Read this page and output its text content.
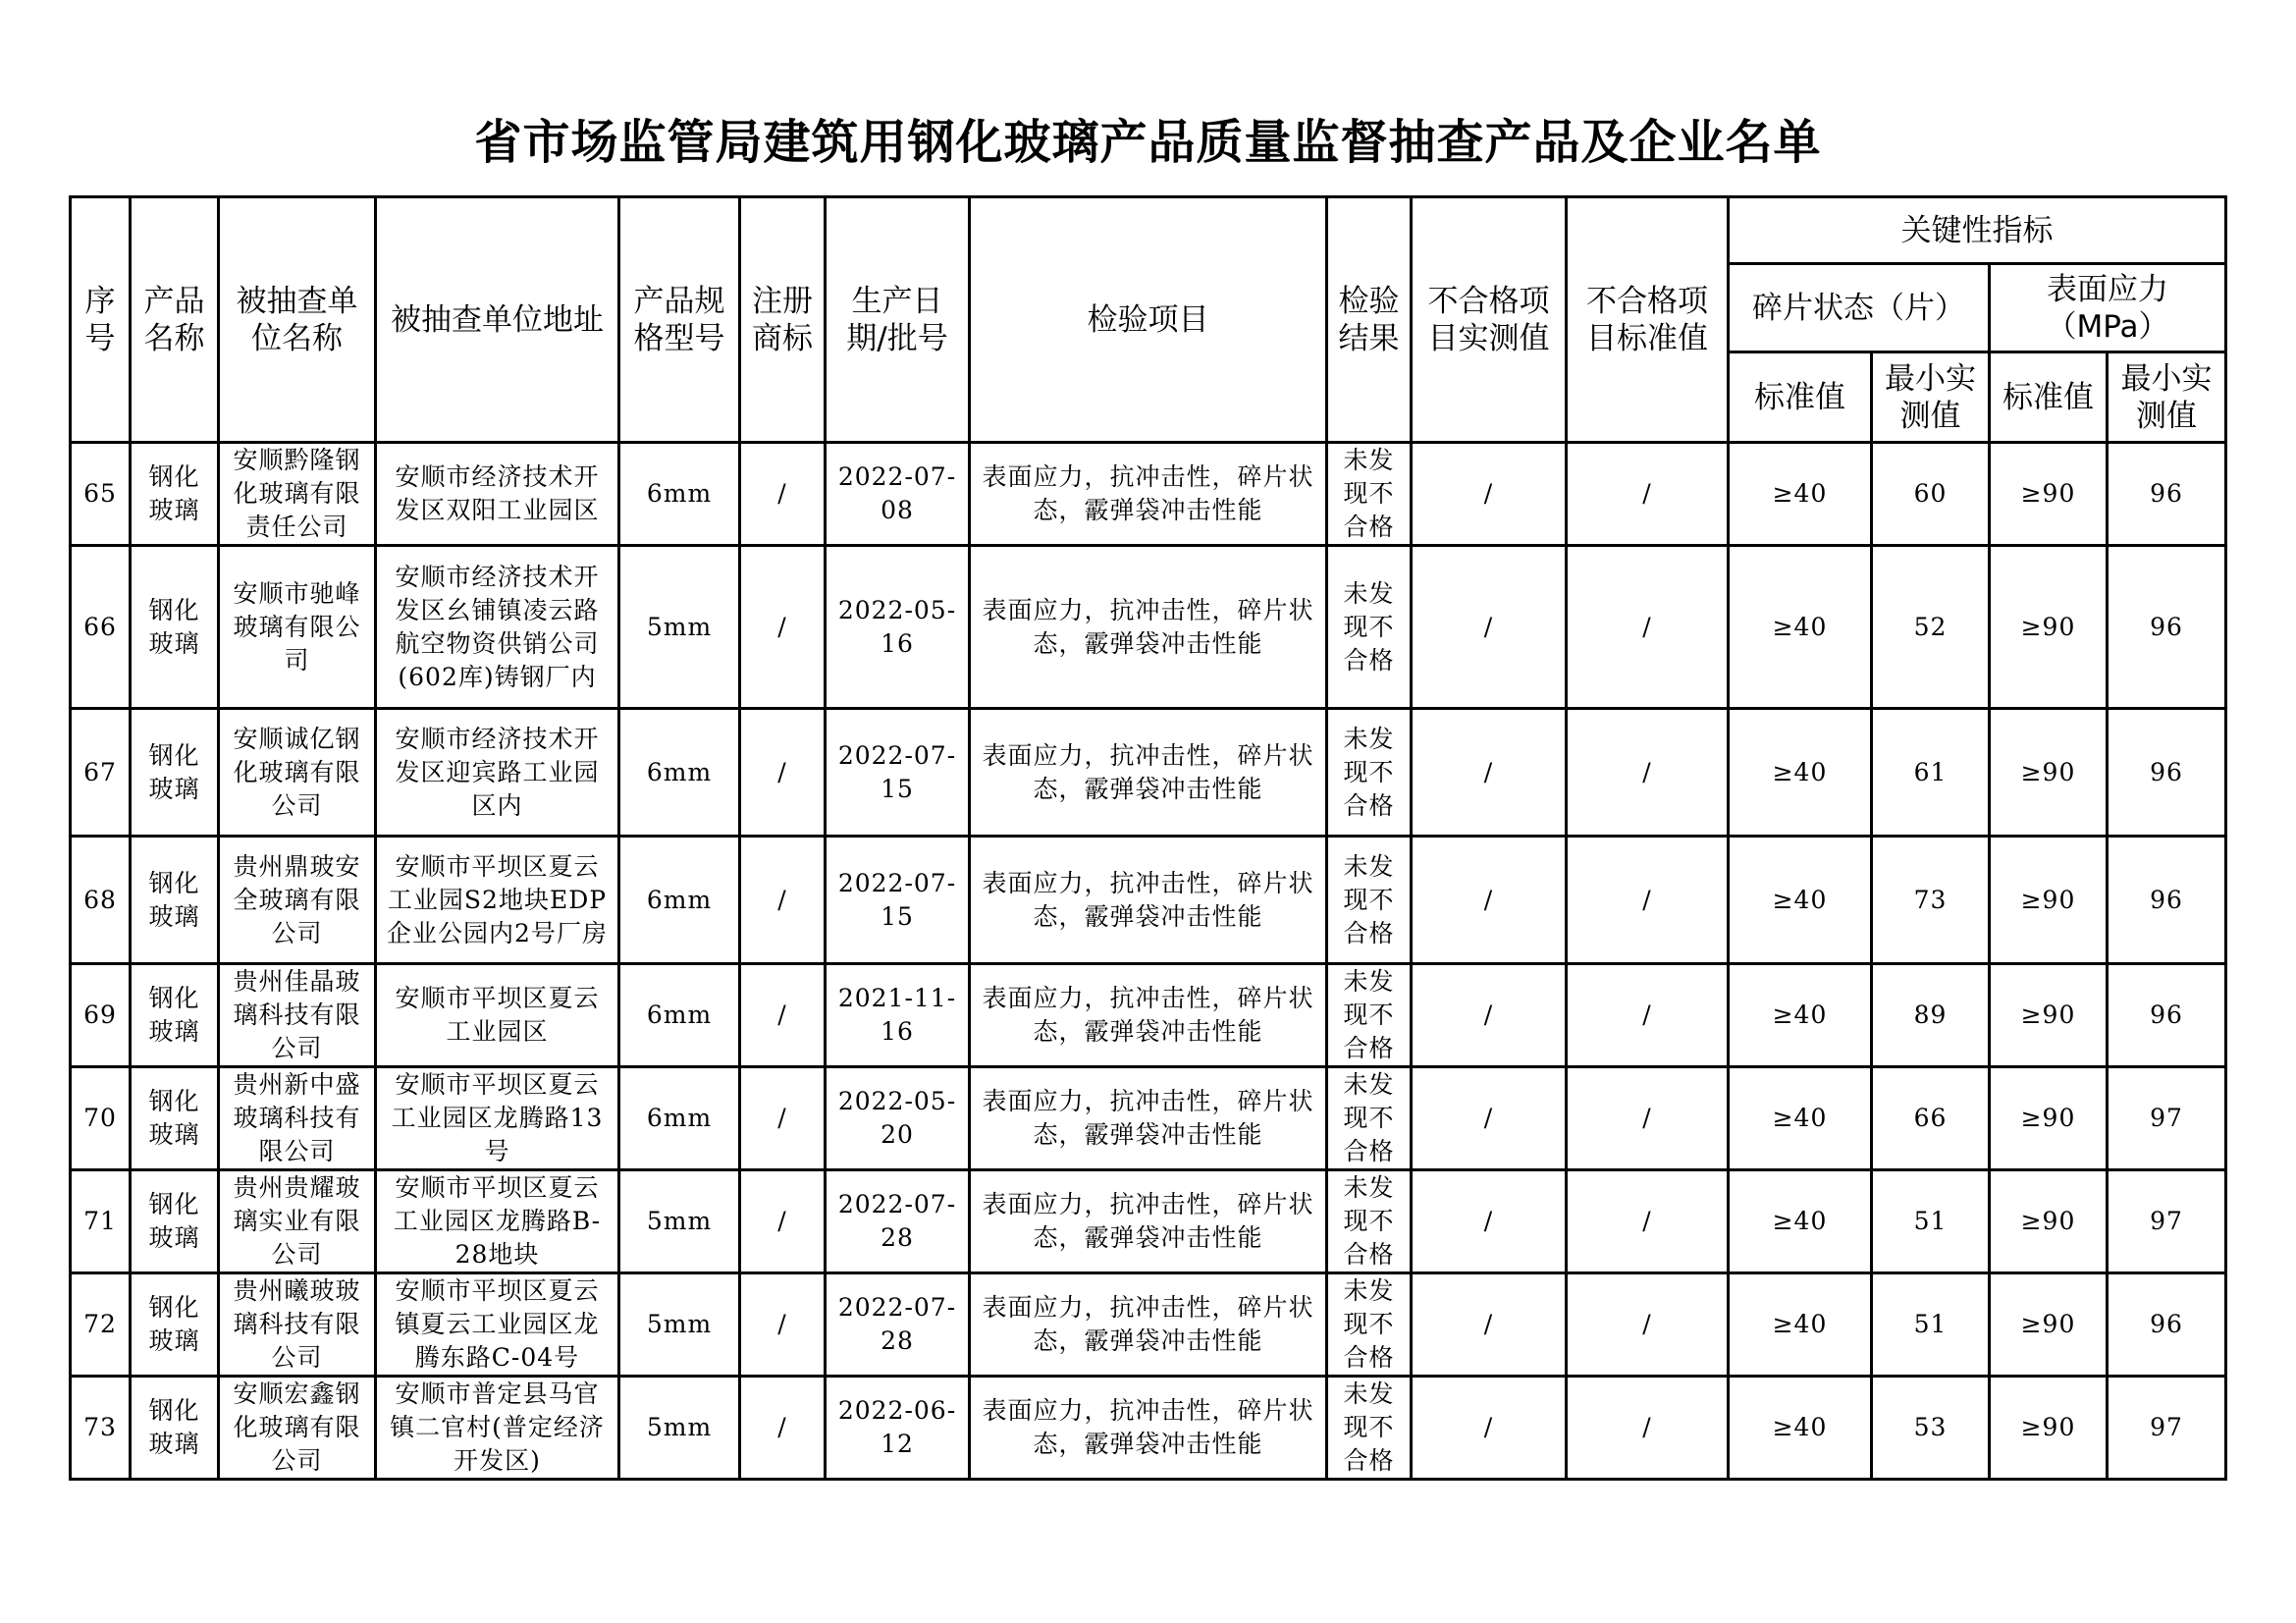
省市场监管局建筑用钢化玻璃产品质量监督抽查产品及企业名单
序号	产品名称	被抽查单位名称	被抽查单位地址	产品规格型号	注册商标	生产日期/批号	检验项目	检验结果	不合格项目实测值	不合格项目标准值	关键性指标			
											碎片状态（片）		表面应力（MPa）	
											标准值	最小实测值	标准值	最小实测值
65	钢化玻璃	安顺黔隆钢化玻璃有限责任公司	安顺市经济技术开发区双阳工业园区	6mm	/	2022-07-08	表面应力，抗冲击性，碎片状态，霰弹袋冲击性能	未发现不合格	/	/	≥40	60	≥90	96
66	钢化玻璃	安顺市驰峰玻璃有限公司	安顺市经济技术开发区幺铺镇凌云路航空物资供销公司(602库)铸钢厂内	5mm	/	2022-05-16	表面应力，抗冲击性，碎片状态，霰弹袋冲击性能	未发现不合格	/	/	≥40	52	≥90	96
67	钢化玻璃	安顺诚亿钢化玻璃有限公司	安顺市经济技术开发区迎宾路工业园区内	6mm	/	2022-07-15	表面应力，抗冲击性，碎片状态，霰弹袋冲击性能	未发现不合格	/	/	≥40	61	≥90	96
68	钢化玻璃	贵州鼎玻安全玻璃有限公司	安顺市平坝区夏云工业园S2地块EDP企业公园内2号厂房	6mm	/	2022-07-15	表面应力，抗冲击性，碎片状态，霰弹袋冲击性能	未发现不合格	/	/	≥40	73	≥90	96
69	钢化玻璃	贵州佳晶玻璃科技有限公司	安顺市平坝区夏云工业园区	6mm	/	2021-11-16	表面应力，抗冲击性，碎片状态，霰弹袋冲击性能	未发现不合格	/	/	≥40	89	≥90	96
70	钢化玻璃	贵州新中盛玻璃科技有限公司	安顺市平坝区夏云工业园区龙腾路13号	6mm	/	2022-05-20	表面应力，抗冲击性，碎片状态，霰弹袋冲击性能	未发现不合格	/	/	≥40	66	≥90	97
71	钢化玻璃	贵州贵耀玻璃实业有限公司	安顺市平坝区夏云工业园区龙腾路B-28地块	5mm	/	2022-07-28	表面应力，抗冲击性，碎片状态，霰弹袋冲击性能	未发现不合格	/	/	≥40	51	≥90	97
72	钢化玻璃	贵州曦玻玻璃科技有限公司	安顺市平坝区夏云镇夏云工业园区龙腾东路C-04号	5mm	/	2022-07-28	表面应力，抗冲击性，碎片状态，霰弹袋冲击性能	未发现不合格	/	/	≥40	51	≥90	96
73	钢化玻璃	安顺宏鑫钢化玻璃有限公司	安顺市普定县马官镇二官村(普定经济开发区)	5mm	/	2022-06-12	表面应力，抗冲击性，碎片状态，霰弹袋冲击性能	未发现不合格	/	/	≥40	53	≥90	97
